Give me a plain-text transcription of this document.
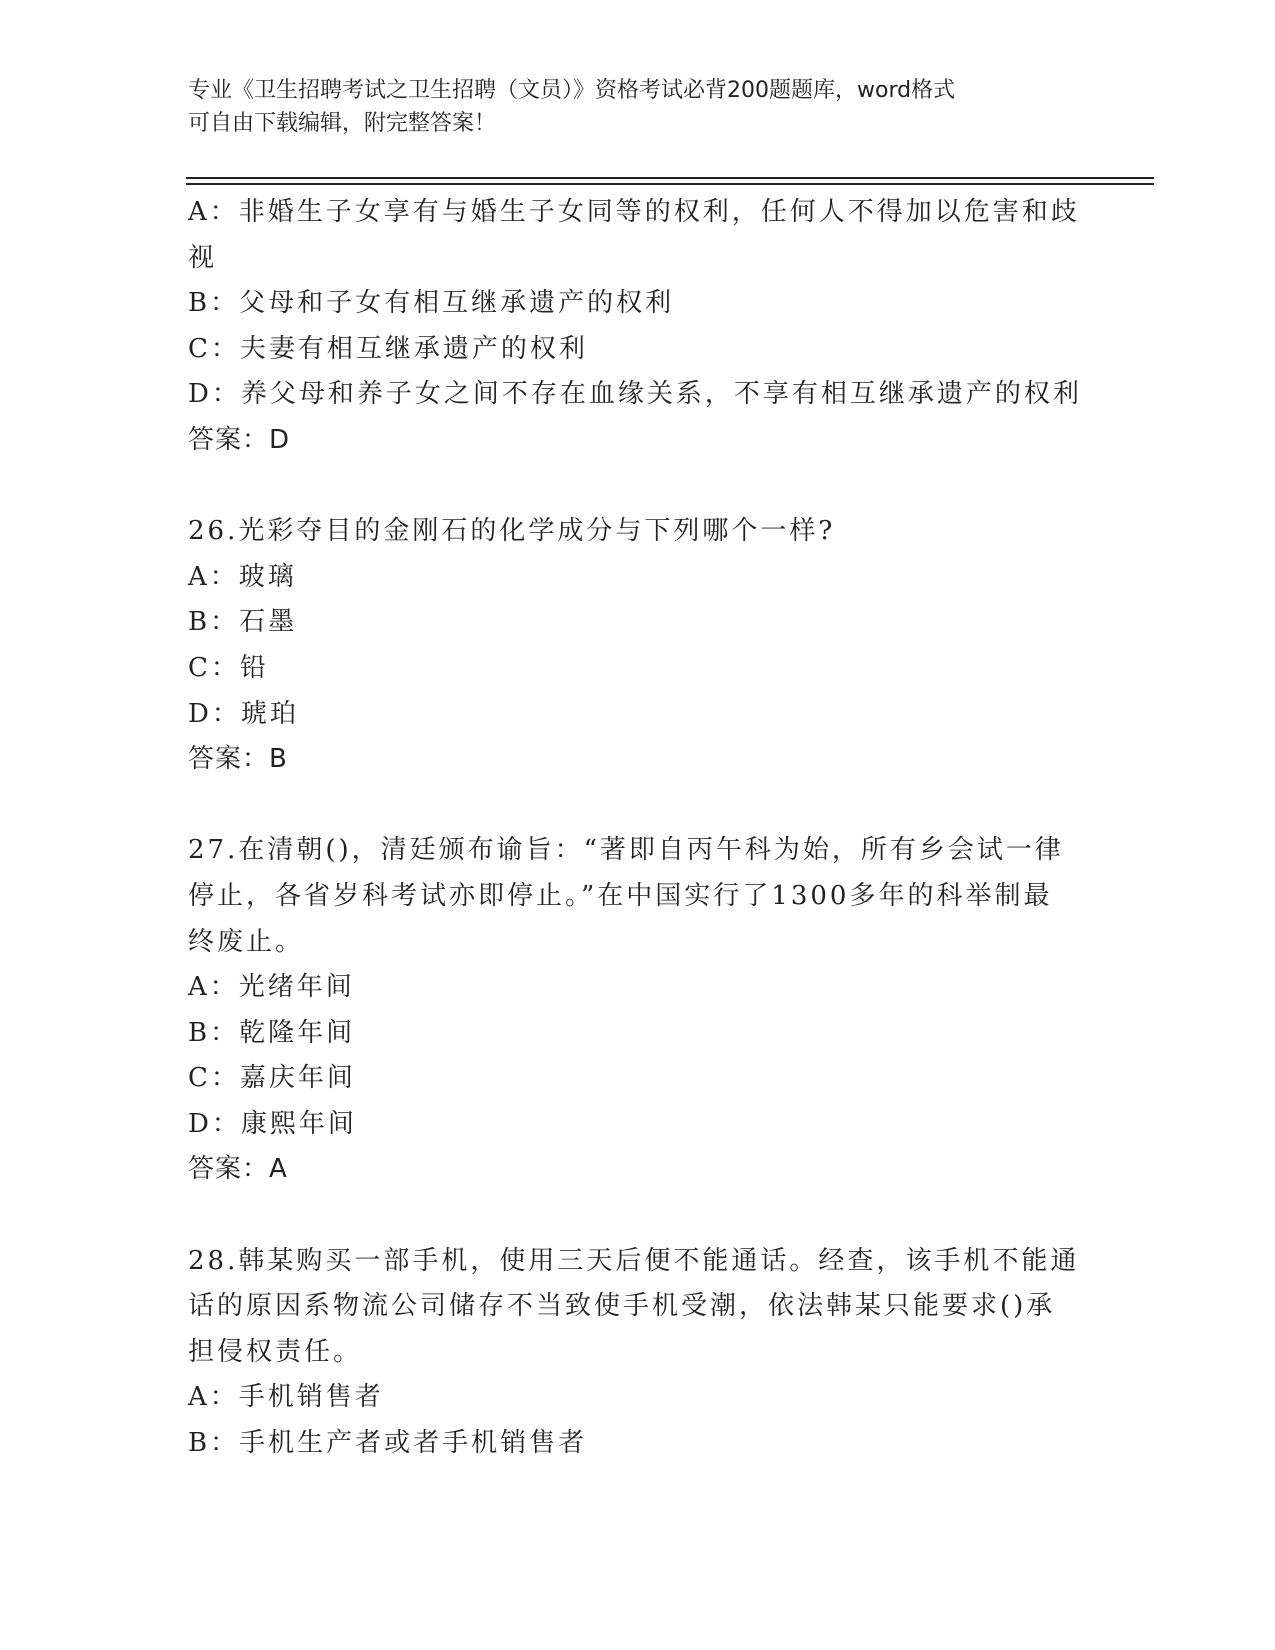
专业《卫生招聘考试之卫生招聘（文员）》资格考试必背200题题库，word格式
可自由下载编辑，附完整答案！
A：非婚生子女享有与婚生子女同等的权利，任何人不得加以危害和歧
视
B：父母和子女有相互继承遗产的权利
C：夫妻有相互继承遗产的权利
D：养父母和养子女之间不存在血缘关系，不享有相互继承遗产的权利
答案：D
26.光彩夺目的金刚石的化学成分与下列哪个一样?
A：玻璃
B：石墨
C：铅
D：琥珀
答案：B
27.在清朝()，清廷颁布谕旨：“著即自丙午科为始，所有乡会试一律
停止，各省岁科考试亦即停止。”在中国实行了1300多年的科举制最
终废止。
A：光绪年间
B：乾隆年间
C：嘉庆年间
D：康熙年间
答案：A
28.韩某购买一部手机，使用三天后便不能通话。经查，该手机不能通
话的原因系物流公司储存不当致使手机受潮，依法韩某只能要求()承
担侵权责任。
A：手机销售者
B：手机生产者或者手机销售者
